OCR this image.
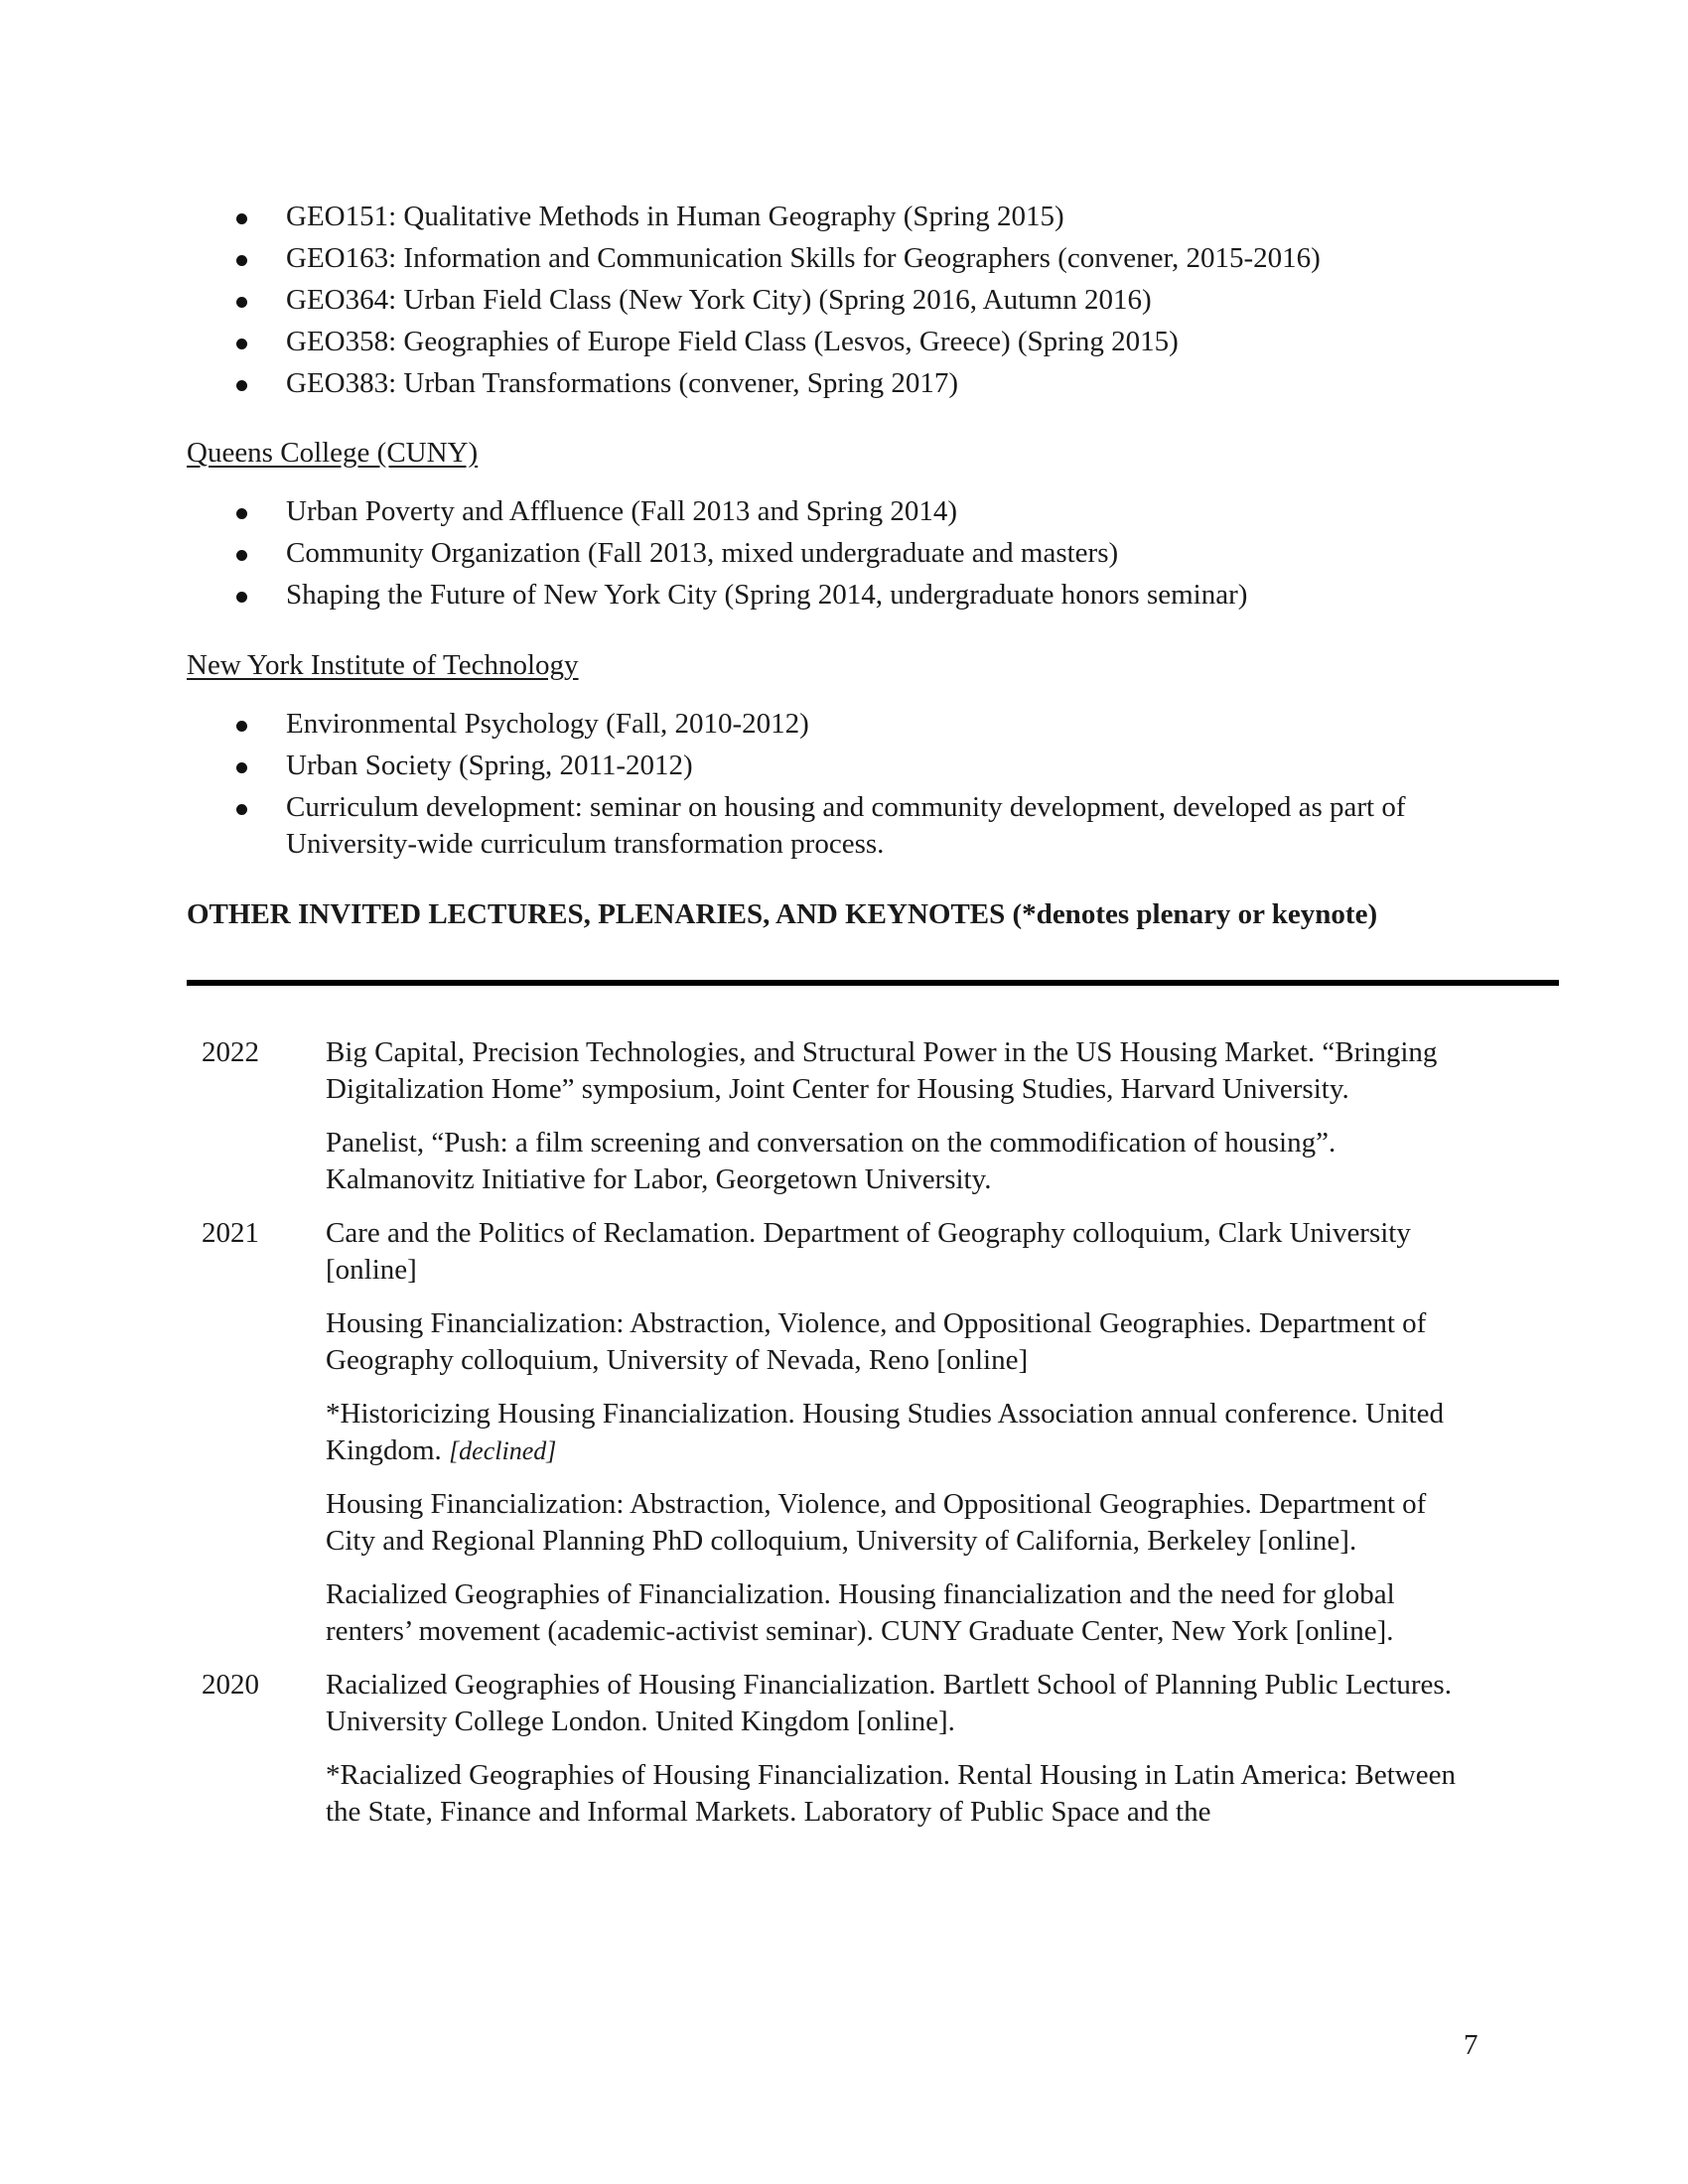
GEO151: Qualitative Methods in Human Geography (Spring 2015)
GEO163: Information and Communication Skills for Geographers (convener, 2015-2016)
GEO364: Urban Field Class (New York City) (Spring 2016, Autumn 2016)
GEO358: Geographies of Europe Field Class (Lesvos, Greece) (Spring 2015)
GEO383: Urban Transformations (convener, Spring 2017)
Queens College (CUNY)
Urban Poverty and Affluence (Fall 2013 and Spring 2014)
Community Organization (Fall 2013, mixed undergraduate and masters)
Shaping the Future of New York City (Spring 2014, undergraduate honors seminar)
New York Institute of Technology
Environmental Psychology (Fall, 2010-2012)
Urban Society (Spring, 2011-2012)
Curriculum development: seminar on housing and community development, developed as part of University-wide curriculum transformation process.
OTHER INVITED LECTURES, PLENARIES, AND KEYNOTES (*denotes plenary or keynote)
2022 Big Capital, Precision Technologies, and Structural Power in the US Housing Market. “Bringing Digitalization Home” symposium, Joint Center for Housing Studies, Harvard University.
Panelist, “Push: a film screening and conversation on the commodification of housing”. Kalmanovitz Initiative for Labor, Georgetown University.
2021 Care and the Politics of Reclamation. Department of Geography colloquium, Clark University [online]
Housing Financialization: Abstraction, Violence, and Oppositional Geographies. Department of Geography colloquium, University of Nevada, Reno [online]
*Historicizing Housing Financialization. Housing Studies Association annual conference. United Kingdom. [declined]
Housing Financialization: Abstraction, Violence, and Oppositional Geographies. Department of City and Regional Planning PhD colloquium, University of California, Berkeley [online].
Racialized Geographies of Financialization. Housing financialization and the need for global renters’ movement (academic-activist seminar). CUNY Graduate Center, New York [online].
2020 Racialized Geographies of Housing Financialization. Bartlett School of Planning Public Lectures. University College London. United Kingdom [online].
*Racialized Geographies of Housing Financialization. Rental Housing in Latin America: Between the State, Finance and Informal Markets. Laboratory of Public Space and the
7
